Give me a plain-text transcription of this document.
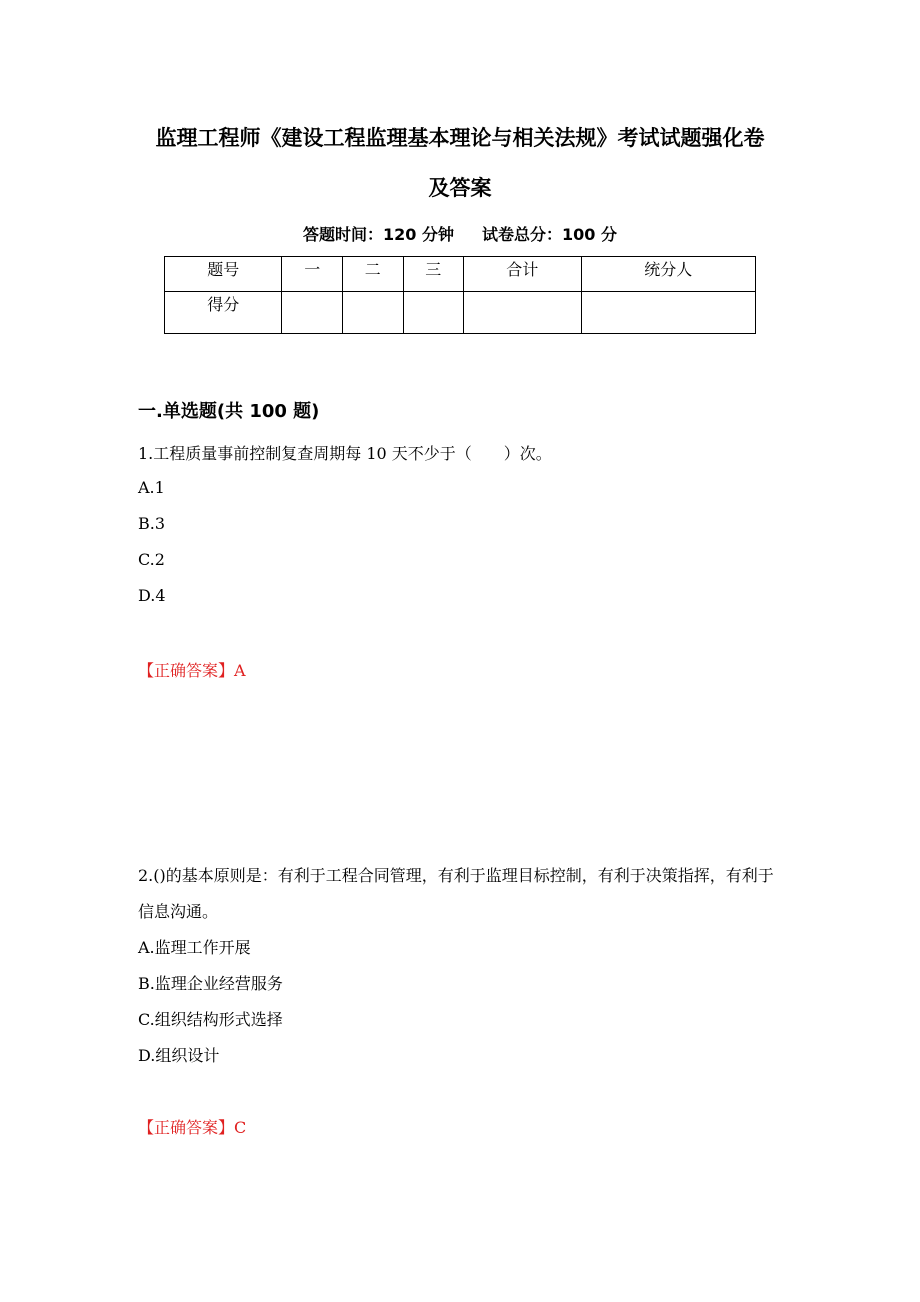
监理工程师《建设工程监理基本理论与相关法规》考试试题强化卷
及答案
答题时间：120 分钟 试卷总分：100 分
题号	一	二	三	合计	统分人
得分					
一.单选题(共 100 题)
1.工程质量事前控制复查周期每 10 天不少于（　　）次。
A.1
B.3
C.2
D.4
【正确答案】A
2.()的基本原则是：有利于工程合同管理，有利于监理目标控制，有利于决策指挥，有利于信息沟通。
A.监理工作开展
B.监理企业经营服务
C.组织结构形式选择
D.组织设计
【正确答案】C
